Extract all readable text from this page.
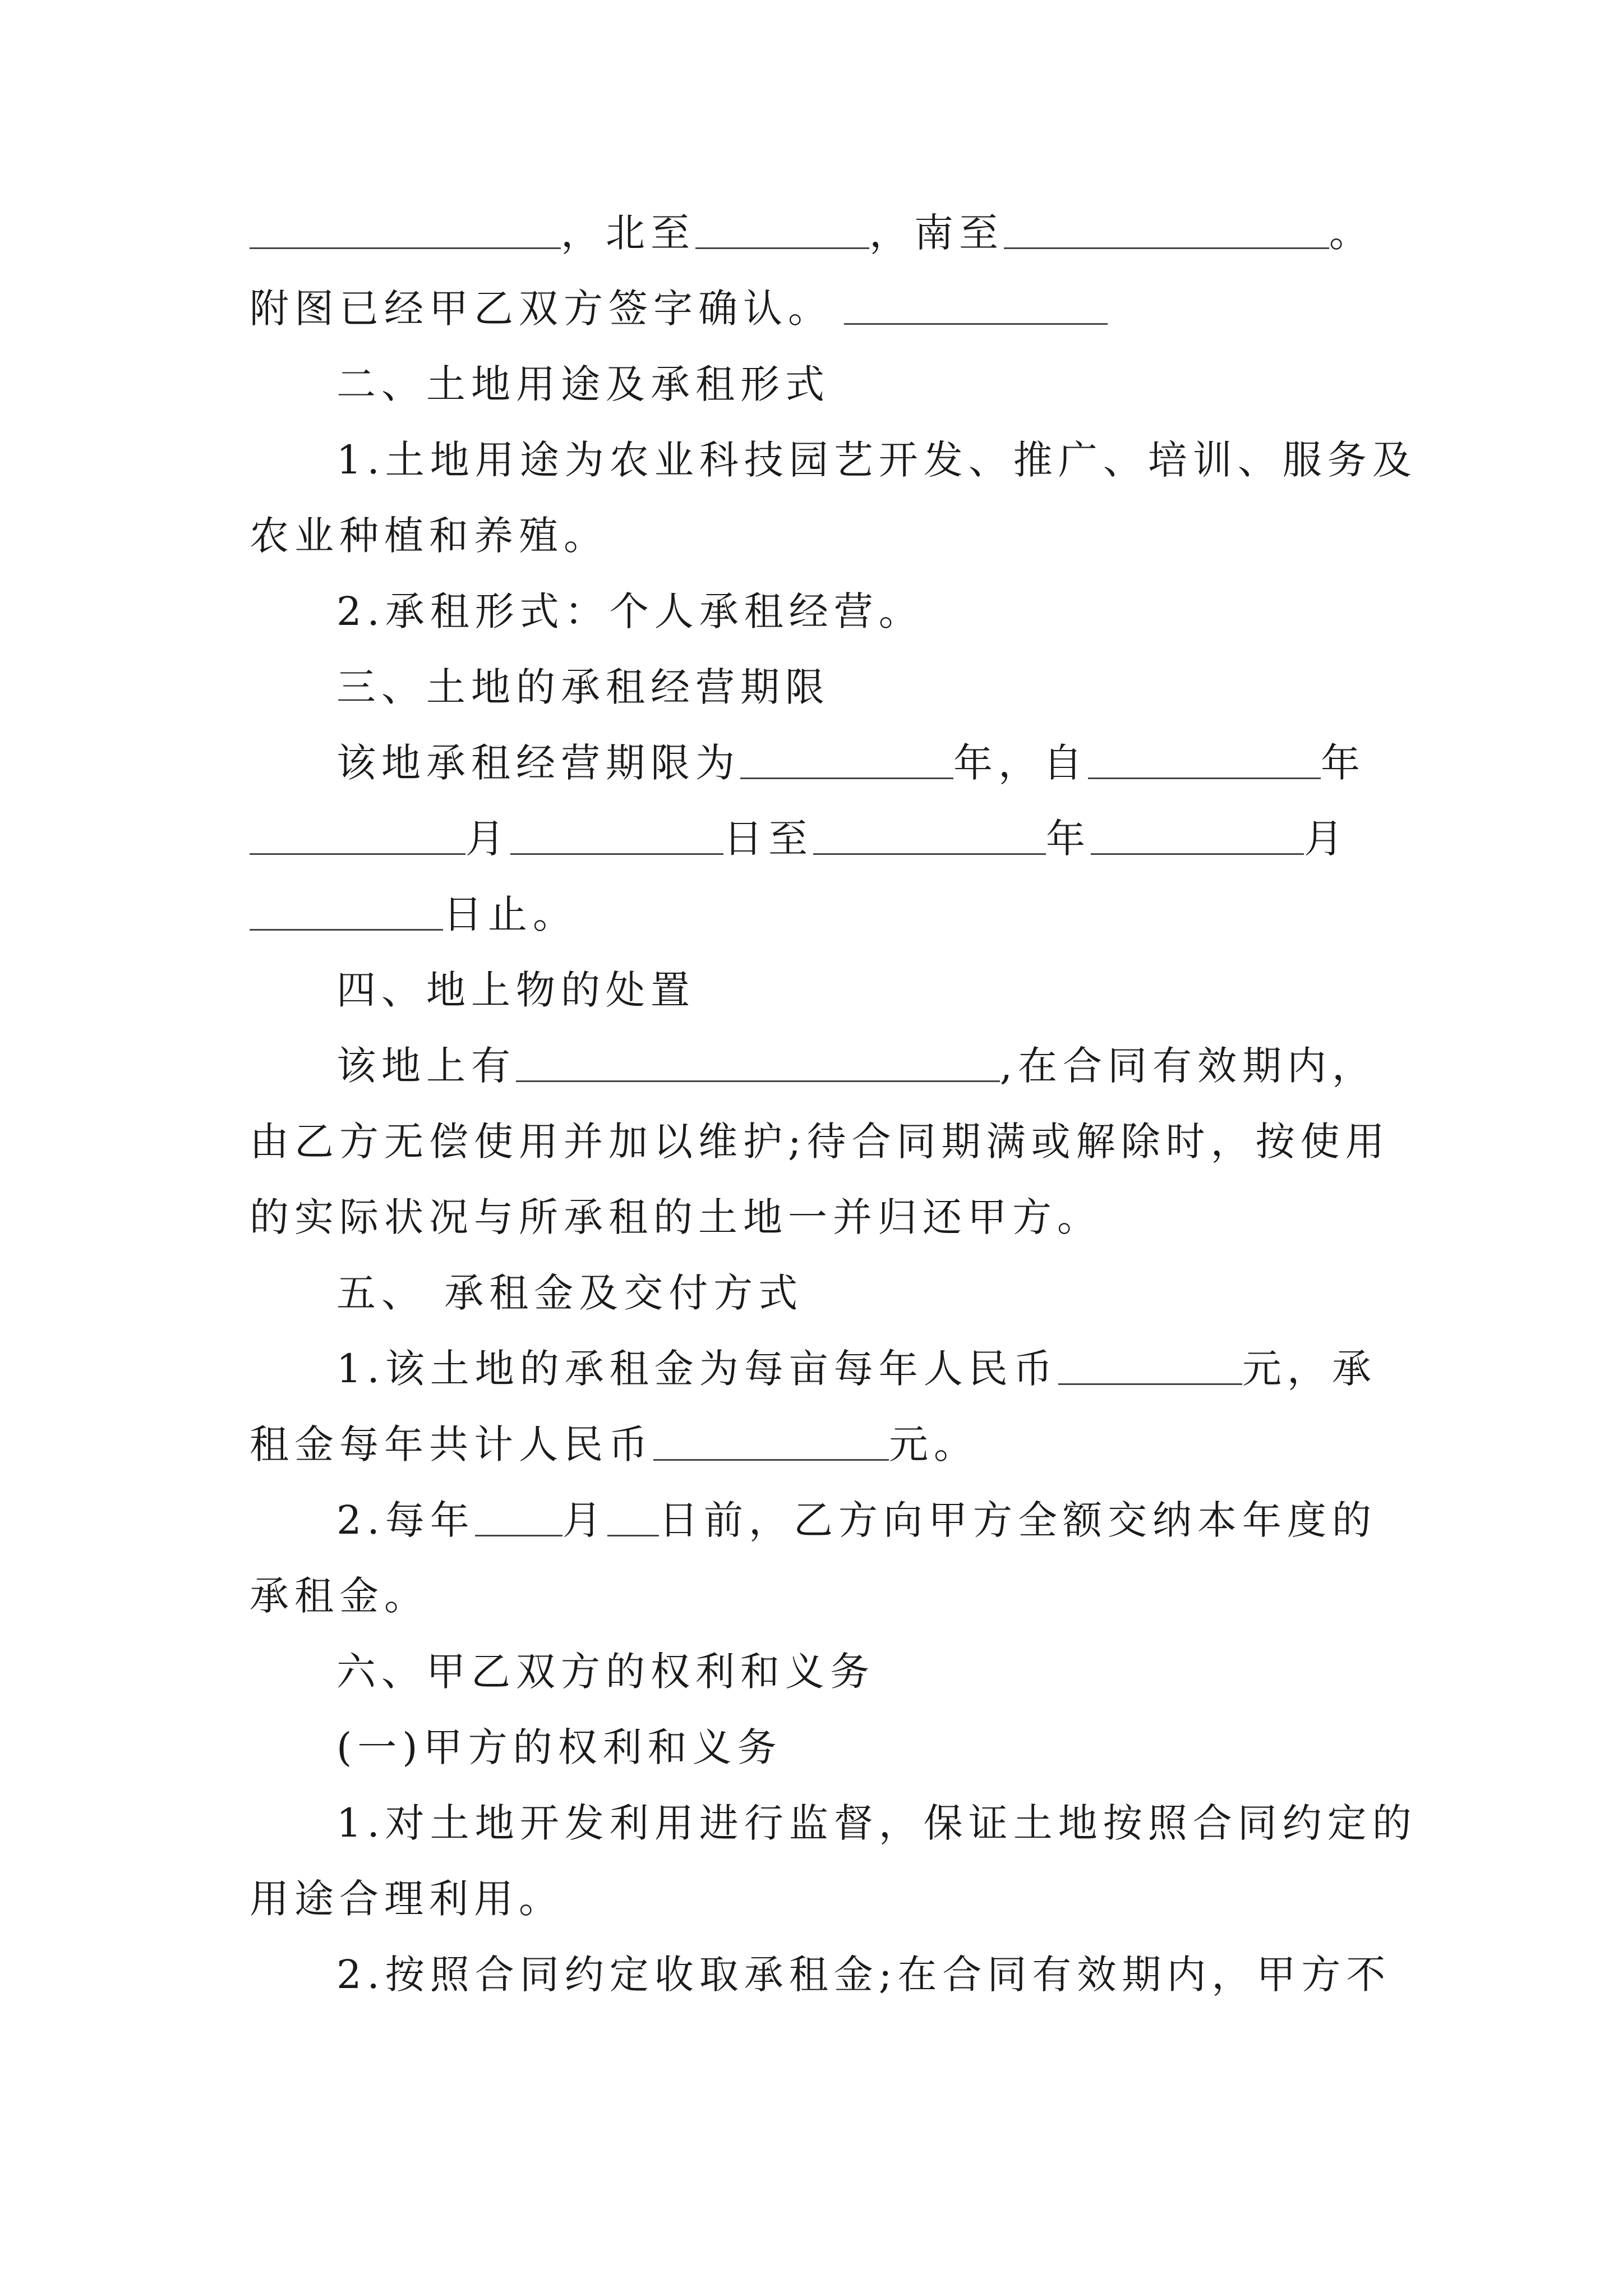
，北至	，南至	。
附图已经甲乙双方签字确认。
二、土地用途及承租形式
1.土地用途为农业科技园艺开发、推广、培训、服务及
农业种植和养殖。
2.承租形式：个人承租经营。
三、土地的承租经营期限
该地承租经营期限为	年，自	年
月	日至	年	月
日止。
四、地上物的处置
该地上有	,在合同有效期内，
由乙方无偿使用并加以维护;待合同期满或解除时，按使用
的实际状况与所承租的土地一并归还甲方。
五、 承租金及交付方式
1.该土地的承租金为每亩每年人民币	元，承
租金每年共计人民币	元。
2.每年 月 日前，乙方向甲方全额交纳本年度的
承租金。
六、甲乙双方的权利和义务
(一)甲方的权利和义务
1.对土地开发利用进行监督，保证土地按照合同约定的
用途合理利用。
2.按照合同约定收取承租金;在合同有效期内，甲方不
